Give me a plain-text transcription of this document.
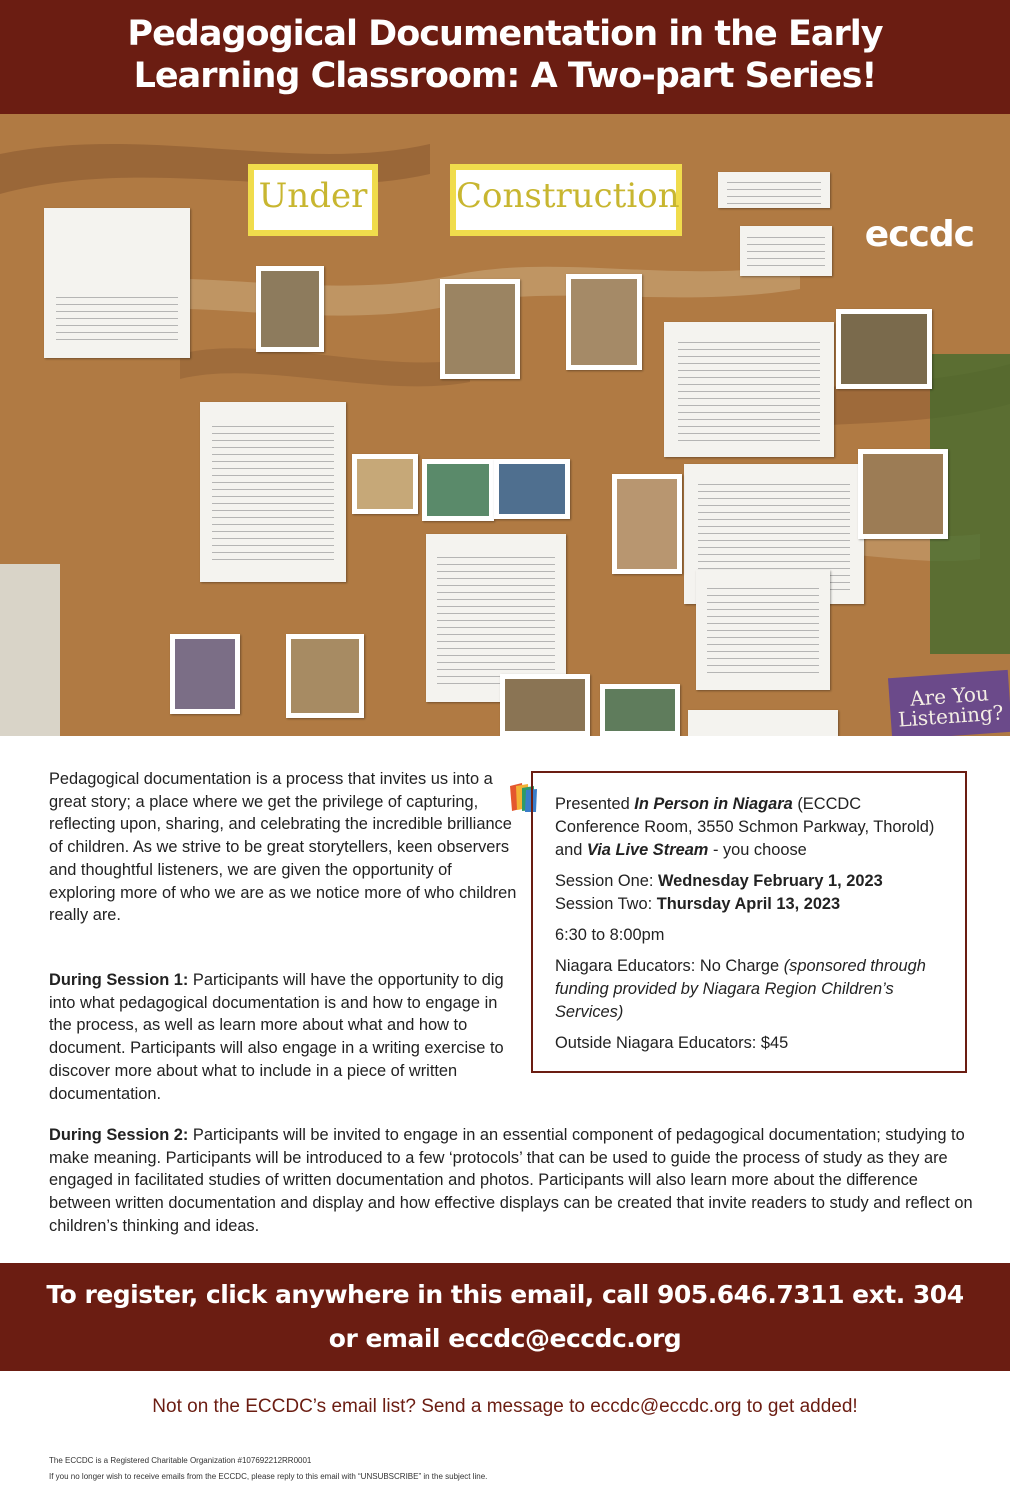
Pedagogical Documentation in the Early
Learning Classroom: A Two-part Series!
Under	Construction
eccdc
Are You Listening?

Pedagogical documentation is a process that invites us into a great story; a place where we get the privilege of capturing, reflecting upon, sharing, and celebrating the incredible brilliance of children. As we strive to be great storytellers, keen observers and thoughtful listeners, we are given the opportunity of exploring more of who we are as we notice more of who children really are.

During Session 1: Participants will have the opportunity to dig into what pedagogical documentation is and how to engage in the process, as well as learn more about what and how to document. Participants will also engage in a writing exercise to discover more about what to include in a piece of written documentation.

Presented In Person in Niagara (ECCDC Conference Room, 3550 Schmon Parkway, Thorold) and Via Live Stream - you choose

Session One: Wednesday February 1, 2023
Session Two: Thursday April 13, 2023

6:30 to 8:00pm

Niagara Educators: No Charge (sponsored through funding provided by Niagara Region Children’s Services)

Outside Niagara Educators: $45

During Session 2: Participants will be invited to engage in an essential component of pedagogical documentation; studying to make meaning. Participants will be introduced to a few ‘protocols’ that can be used to guide the process of study as they are engaged in facilitated studies of written documentation and photos. Participants will also learn more about the difference between written documentation and display and how effective displays can be created that invite readers to study and reflect on children’s thinking and ideas.

To register, click anywhere in this email, call 905.646.7311 ext. 304
or email eccdc@eccdc.org
Not on the ECCDC’s email list? Send a message to eccdc@eccdc.org to get added!
The ECCDC is a Registered Charitable Organization #107692212RR0001
If you no longer wish to receive emails from the ECCDC, please reply to this email with “UNSUBSCRIBE” in the subject line.
